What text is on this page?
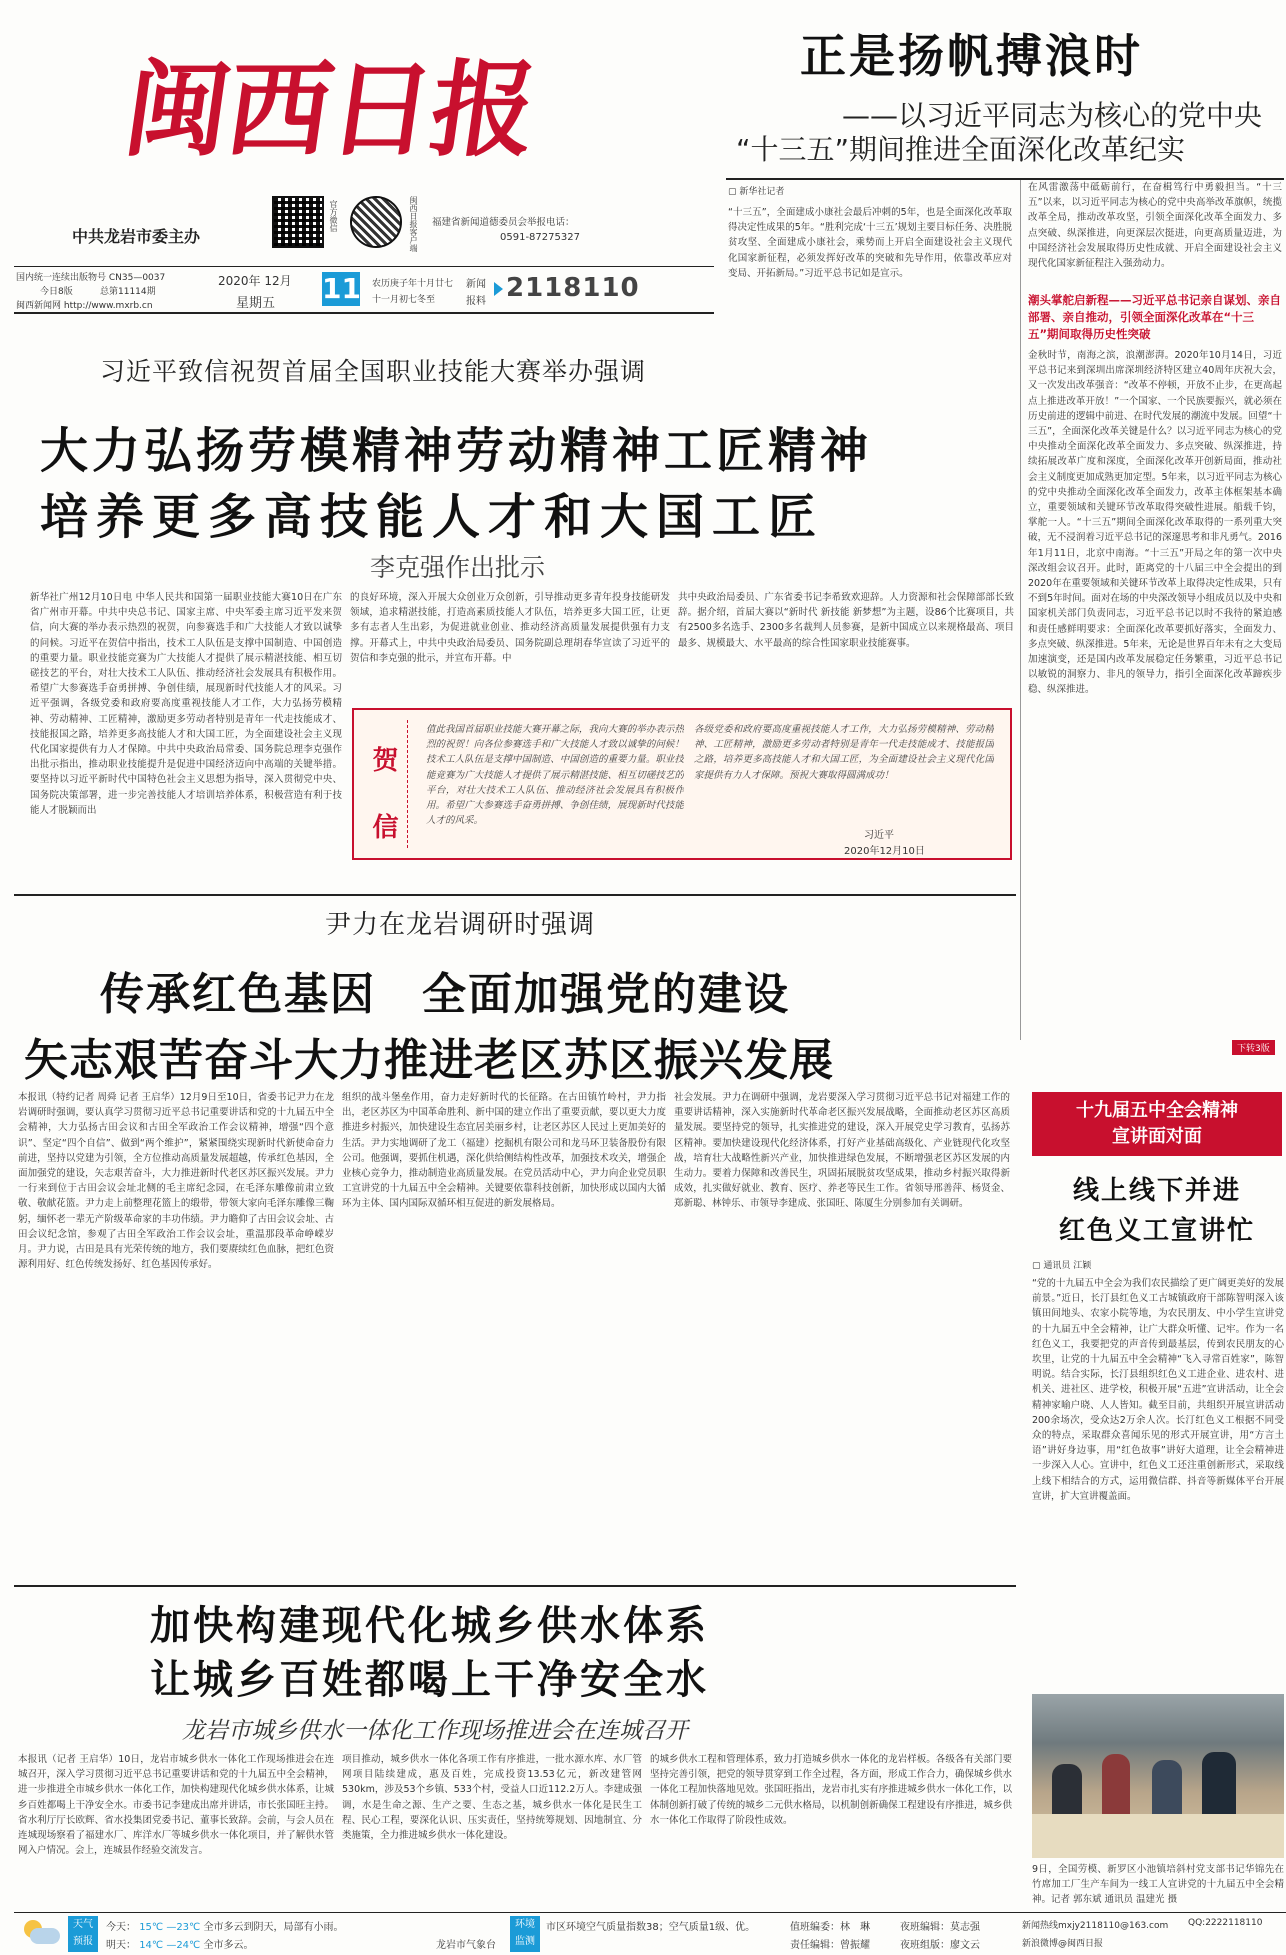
闽西日报
中共龙岩市委主办
官方微信	闽西日报客户端 福建省新闻道德委员会举报电话：
0591-87275327
国内统一连续出版物号 CN35—0037
今日8版	总第11114期
闽西新闻网 http://www.mxrb.cn
2020年 12月
星期五 11 农历庚子年十月廿七
十一月初七冬至
新闻
报料 2118110
正是扬帆搏浪时
——以习近平同志为核心的党中央
“十三五”期间推进全面深化改革纪实
▢ 新华社记者
“十三五”，全面建成小康社会最后冲刺的5年，也是全面深化改革取得决定性成果的5年。“胜利完成‘十三五’规划主要目标任务、决胜脱贫攻坚、全面建成小康社会，乘势而上开启全面建设社会主义现代化国家新征程，必须发挥好改革的突破和先导作用，依靠改革应对变局、开拓新局。”习近平总书记如是宣示。
在风雷激荡中砥砺前行，在奋楫笃行中勇毅担当。“十三五”以来，以习近平同志为核心的党中央高举改革旗帜，统揽改革全局，推动改革攻坚，引领全面深化改革全面发力、多点突破、纵深推进，向更深层次挺进，向更高质量迈进，为中国经济社会发展取得历史性成就、开启全面建设社会主义现代化国家新征程注入强劲动力。
潮头掌舵启新程——习近平总书记亲自谋划、亲自部署、亲自推动，引领全面深化改革在“十三五”期间取得历史性突破
金秋时节，南海之滨，浪潮澎湃。2020年10月14日，习近平总书记来到深圳出席深圳经济特区建立40周年庆祝大会，又一次发出改革强音：“改革不停顿，开放不止步，在更高起点上推进改革开放！”一个国家、一个民族要振兴，就必须在历史前进的逻辑中前进、在时代发展的潮流中发展。回望“十三五”，全面深化改革关键是什么？以习近平同志为核心的党中央推动全面深化改革全面发力、多点突破、纵深推进，持续拓展改革广度和深度，全面深化改革开创新局面，推动社会主义制度更加成熟更加定型。5年来，以习近平同志为核心的党中央推动全面深化改革全面发力，改革主体框架基本确立，重要领域和关键环节改革取得突破性进展。船载千钧，掌舵一人。“十三五”期间全面深化改革取得的一系列重大突破，无不浸润着习近平总书记的深邃思考和非凡勇气。2016年1月11日，北京中南海。“十三五”开局之年的第一次中央深改组会议召开。此时，距离党的十八届三中全会提出的到2020年在重要领域和关键环节改革上取得决定性成果，只有不到5年时间。面对在场的中央深改领导小组成员以及中央和国家机关部门负责同志，习近平总书记以时不我待的紧迫感和责任感鲜明要求：全面深化改革要抓好落实，全面发力、多点突破、纵深推进。5年来，无论是世界百年未有之大变局加速演变，还是国内改革发展稳定任务繁重，习近平总书记以敏锐的洞察力、非凡的领导力，指引全面深化改革蹄疾步稳、纵深推进。
下转3版
十九届五中全会精神
宣讲面对面
线上线下并进
红色义工宣讲忙
▢ 通讯员 江颖
“党的十九届五中全会为我们农民描绘了更广阔更美好的发展前景。”近日，长汀县红色义工古城镇政府干部陈智明深入该镇田间地头、农家小院等地，为农民朋友、中小学生宣讲党的十九届五中全会精神，让广大群众听懂、记牢。作为一名红色义工，我要把党的声音传到最基层，传到农民朋友的心坎里，让党的十九届五中全会精神“飞入寻常百姓家”，陈智明说。结合实际，长汀县组织红色义工进企业、进农村、进机关、进社区、进学校，积极开展“五进”宣讲活动，让全会精神家喻户晓、人人皆知。截至目前，共组织开展宣讲活动200余场次，受众达2万余人次。长汀红色义工根据不同受众的特点，采取群众喜闻乐见的形式开展宣讲，用“方言土语”讲好身边事，用“红色故事”讲好大道理，让全会精神进一步深入人心。宣讲中，红色义工还注重创新形式，采取线上线下相结合的方式，运用微信群、抖音等新媒体平台开展宣讲，扩大宣讲覆盖面。
9日，全国劳模、新罗区小池镇培斜村党支部书记华锦先在竹席加工厂生产车间为一线工人宣讲党的十九届五中全会精神。记者 郭东斌 通讯员 温建光 摄
习近平致信祝贺首届全国职业技能大赛举办强调
大力弘扬劳模精神劳动精神工匠精神
培养更多高技能人才和大国工匠
李克强作出批示
新华社广州12月10日电 中华人民共和国第一届职业技能大赛10日在广东省广州市开幕。中共中央总书记、国家主席、中央军委主席习近平发来贺信，向大赛的举办表示热烈的祝贺，向参赛选手和广大技能人才致以诚挚的问候。习近平在贺信中指出，技术工人队伍是支撑中国制造、中国创造的重要力量。职业技能竞赛为广大技能人才提供了展示精湛技能、相互切磋技艺的平台，对壮大技术工人队伍、推动经济社会发展具有积极作用。希望广大参赛选手奋勇拼搏、争创佳绩，展现新时代技能人才的风采。习近平强调，各级党委和政府要高度重视技能人才工作，大力弘扬劳模精神、劳动精神、工匠精神，激励更多劳动者特别是青年一代走技能成才、技能报国之路，培养更多高技能人才和大国工匠，为全面建设社会主义现代化国家提供有力人才保障。中共中央政治局常委、国务院总理李克强作出批示指出，推动职业技能提升是促进中国经济迈向中高端的关键举措。要坚持以习近平新时代中国特色社会主义思想为指导，深入贯彻党中央、国务院决策部署，进一步完善技能人才培训培养体系，积极营造有利于技能人才脱颖而出
的良好环境，深入开展大众创业万众创新，引导推动更多青年投身技能研发领域，追求精湛技能，打造高素质技能人才队伍，培养更多大国工匠，让更多有志者人生出彩，为促进就业创业、推动经济高质量发展提供强有力支撑。开幕式上，中共中央政治局委员、国务院副总理胡春华宣读了习近平的贺信和李克强的批示，并宣布开幕。中
共中央政治局委员、广东省委书记李希致欢迎辞。人力资源和社会保障部部长致辞。据介绍，首届大赛以“新时代 新技能 新梦想”为主题，设86个比赛项目，共有2500多名选手、2300多名裁判人员参赛，是新中国成立以来规格最高、项目最多、规模最大、水平最高的综合性国家职业技能赛事。
贺
信
值此我国首届职业技能大赛开幕之际，我向大赛的举办表示热烈的祝贺！向各位参赛选手和广大技能人才致以诚挚的问候！技术工人队伍是支撑中国制造、中国创造的重要力量。职业技能竞赛为广大技能人才提供了展示精湛技能、相互切磋技艺的平台，对壮大技术工人队伍、推动经济社会发展具有积极作用。希望广大参赛选手奋勇拼搏、争创佳绩，展现新时代技能人才的风采。
各级党委和政府要高度重视技能人才工作，大力弘扬劳模精神、劳动精神、工匠精神，激励更多劳动者特别是青年一代走技能成才、技能报国之路，培养更多高技能人才和大国工匠，为全面建设社会主义现代化国家提供有力人才保障。预祝大赛取得圆满成功！
习近平
2020年12月10日
尹力在龙岩调研时强调
传承红色基因　全面加强党的建设
矢志艰苦奋斗大力推进老区苏区振兴发展
本报讯（特约记者 周舜 记者 王启华）12月9日至10日，省委书记尹力在龙岩调研时强调，要认真学习贯彻习近平总书记重要讲话和党的十九届五中全会精神，大力弘扬古田会议和古田全军政治工作会议精神，增强“四个意识”、坚定“四个自信”、做到“两个维护”，紧紧围绕实现新时代新使命奋力前进，坚持以党建为引领，全方位推动高质量发展超越，传承红色基因，全面加强党的建设，矢志艰苦奋斗，大力推进新时代老区苏区振兴发展。尹力一行来到位于古田会议会址北侧的毛主席纪念园，在毛泽东雕像前肃立致敬、敬献花篮。尹力走上前整理花篮上的缎带，带领大家向毛泽东雕像三鞠躬，缅怀老一辈无产阶级革命家的丰功伟绩。尹力瞻仰了古田会议会址、古田会议纪念馆，参观了古田全军政治工作会议会址，重温那段革命峥嵘岁月。尹力说，古田是具有光荣传统的地方，我们要赓续红色血脉，把红色资源利用好、红色传统发扬好、红色基因传承好。
组织的战斗堡垒作用，奋力走好新时代的长征路。在古田镇竹岭村，尹力指出，老区苏区为中国革命胜利、新中国的建立作出了重要贡献，要以更大力度推进乡村振兴，加快建设生态宜居美丽乡村，让老区苏区人民过上更加美好的生活。尹力实地调研了龙工（福建）挖掘机有限公司和龙马环卫装备股份有限公司。他强调，要抓住机遇，深化供给侧结构性改革，加强技术攻关，增强企业核心竞争力，推动制造业高质量发展。在党员活动中心，尹力向企业党员职工宣讲党的十九届五中全会精神。关键要依靠科技创新，加快形成以国内大循环为主体、国内国际双循环相互促进的新发展格局。
社会发展。尹力在调研中强调，龙岩要深入学习贯彻习近平总书记对福建工作的重要讲话精神，深入实施新时代革命老区振兴发展战略，全面推动老区苏区高质量发展。要坚持党的领导，扎实推进党的建设，深入开展党史学习教育，弘扬苏区精神。要加快建设现代化经济体系，打好产业基础高级化、产业链现代化攻坚战，培育壮大战略性新兴产业，加快推进绿色发展，不断增强老区苏区发展的内生动力。要着力保障和改善民生，巩固拓展脱贫攻坚成果，推动乡村振兴取得新成效，扎实做好就业、教育、医疗、养老等民生工作。省领导邢善萍、杨贤金、郑新聪、林钟乐、市领导李建成、张国旺、陈厦生分别参加有关调研。
加快构建现代化城乡供水体系
让城乡百姓都喝上干净安全水
龙岩市城乡供水一体化工作现场推进会在连城召开
本报讯（记者 王启华）10日，龙岩市城乡供水一体化工作现场推进会在连城召开，深入学习贯彻习近平总书记重要讲话和党的十九届五中全会精神，进一步推进全市城乡供水一体化工作，加快构建现代化城乡供水体系，让城乡百姓都喝上干净安全水。市委书记李建成出席并讲话，市长张国旺主持。省水利厅厅长欧辉、省水投集团党委书记、董事长致辞。会前，与会人员在连城现场察看了福建水厂、库洋水厂等城乡供水一体化项目，并了解供水管网入户情况。会上，连城县作经验交流发言。
项目推动，城乡供水一体化各项工作有序推进，一批水源水库、水厂管网项目陆续建成，惠及百姓，完成投资13.53亿元，新改建管网530km，涉及53个乡镇、533个村，受益人口近112.2万人。李建成强调，水是生命之源、生产之要、生态之基，城乡供水一体化是民生工程、民心工程，要深化认识、压实责任，坚持统筹规划、因地制宜、分类施策，全力推进城乡供水一体化建设。
的城乡供水工程和管理体系，致力打造城乡供水一体化的龙岩样板。各级各有关部门要坚持完善引领，把党的领导贯穿到工作全过程，各方面，形成工作合力，确保城乡供水一体化工程加快落地见效。张国旺指出，龙岩市扎实有序推进城乡供水一体化工作，以体制创新打破了传统的城乡二元供水格局，以机制创新确保工程建设有序推进，城乡供水一体化工作取得了阶段性成效。
天气
预报
今天： 15℃ —23℃ 全市多云到阴天，局部有小雨。
明天： 14℃ —24℃ 全市多云。	龙岩市气象台
环境
监测
市区环境空气质量指数38；空气质量1级、优。	值班编委：林　琳	夜班编辑：莫志强
责任编辑：曾振耀	夜班组版：廖文云
新闻热线mxjy2118110@163.com QQ:2222118110
新浪微博@闽西日报
